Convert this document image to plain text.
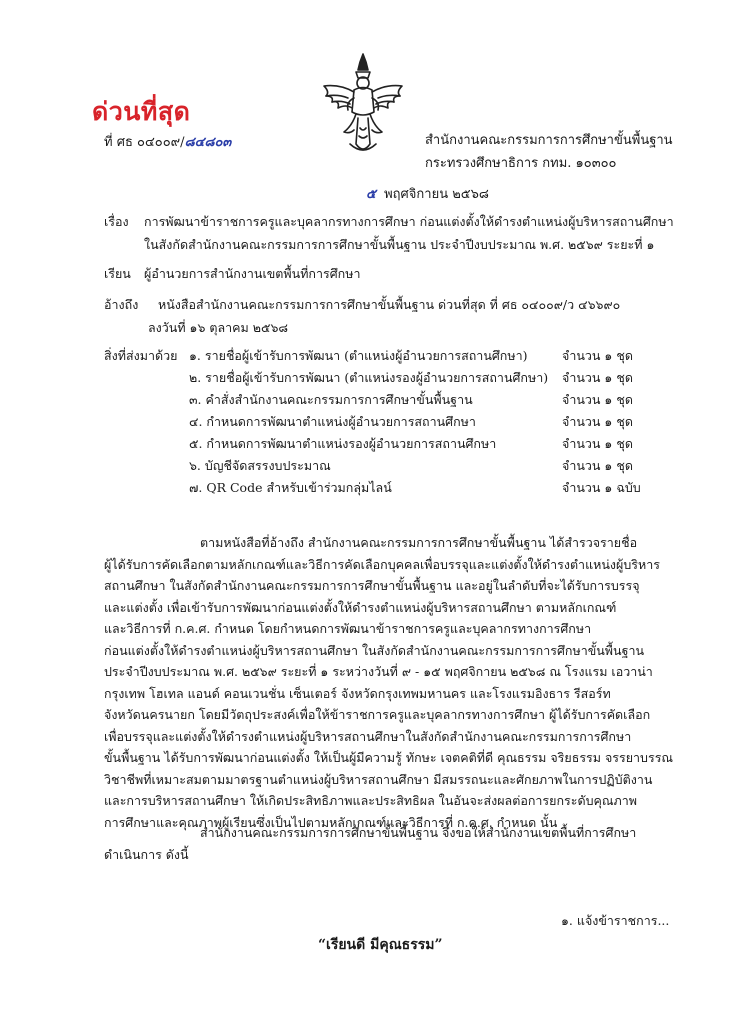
ด่วนที่สุด
ที่ ศธ ๐๔๐๐๙/๘๔๘๐๓	สำนักงานคณะกรรมการการศึกษาขั้นพื้นฐาน
กระทรวงศึกษาธิการ กทม. ๑๐๓๐๐
๕ พฤศจิกายน ๒๕๖๘
เรื่อง การพัฒนาข้าราชการครูและบุคลากรทางการศึกษา ก่อนแต่งตั้งให้ดำรงตำแหน่งผู้บริหารสถานศึกษา
ในสังกัดสำนักงานคณะกรรมการการศึกษาขั้นพื้นฐาน ประจำปีงบประมาณ พ.ศ. ๒๕๖๙ ระยะที่ ๑
เรียน ผู้อำนวยการสำนักงานเขตพื้นที่การศึกษา
อ้างถึง หนังสือสำนักงานคณะกรรมการการศึกษาขั้นพื้นฐาน ด่วนที่สุด ที่ ศธ ๐๔๐๐๙/ว ๔๖๖๙๐
ลงวันที่ ๑๖ ตุลาคม ๒๕๖๘
สิ่งที่ส่งมาด้วย ๑. รายชื่อผู้เข้ารับการพัฒนา (ตำแหน่งผู้อำนวยการสถานศึกษา)	จำนวน ๑ ชุด
๒. รายชื่อผู้เข้ารับการพัฒนา (ตำแหน่งรองผู้อำนวยการสถานศึกษา) จำนวน ๑ ชุด
๓. คำสั่งสำนักงานคณะกรรมการการศึกษาขั้นพื้นฐาน	จำนวน ๑ ชุด
๔. กำหนดการพัฒนาตำแหน่งผู้อำนวยการสถานศึกษา	จำนวน ๑ ชุด
๕. กำหนดการพัฒนาตำแหน่งรองผู้อำนวยการสถานศึกษา	จำนวน ๑ ชุด
๖. บัญชีจัดสรรงบประมาณ	จำนวน ๑ ชุด
๗. QR Code สำหรับเข้าร่วมกลุ่มไลน์	จำนวน ๑ ฉบับ
ตามหนังสือที่อ้างถึง สำนักงานคณะกรรมการการศึกษาขั้นพื้นฐาน ได้สำรวจรายชื่อ
ผู้ได้รับการคัดเลือกตามหลักเกณฑ์และวิธีการคัดเลือกบุคคลเพื่อบรรจุและแต่งตั้งให้ดำรงตำแหน่งผู้บริหาร
สถานศึกษา ในสังกัดสำนักงานคณะกรรมการการศึกษาขั้นพื้นฐาน และอยู่ในลำดับที่จะได้รับการบรรจุ
และแต่งตั้ง เพื่อเข้ารับการพัฒนาก่อนแต่งตั้งให้ดำรงตำแหน่งผู้บริหารสถานศึกษา ตามหลักเกณฑ์
และวิธีการที่ ก.ค.ศ. กำหนด โดยกำหนดการพัฒนาข้าราชการครูและบุคลากรทางการศึกษา
ก่อนแต่งตั้งให้ดำรงตำแหน่งผู้บริหารสถานศึกษา ในสังกัดสำนักงานคณะกรรมการการศึกษาขั้นพื้นฐาน
ประจำปีงบประมาณ พ.ศ. ๒๕๖๙ ระยะที่ ๑ ระหว่างวันที่ ๙ - ๑๕ พฤศจิกายน ๒๕๖๘ ณ โรงแรม เอวาน่า
กรุงเทพ โฮเทล แอนด์ คอนเวนชั่น เซ็นเตอร์ จังหวัดกรุงเทพมหานคร และโรงแรมอิงธาร รีสอร์ท
จังหวัดนครนายก โดยมีวัตถุประสงค์เพื่อให้ข้าราชการครูและบุคลากรทางการศึกษา ผู้ได้รับการคัดเลือก
เพื่อบรรจุและแต่งตั้งให้ดำรงตำแหน่งผู้บริหารสถานศึกษาในสังกัดสำนักงานคณะกรรมการการศึกษา
ขั้นพื้นฐาน ได้รับการพัฒนาก่อนแต่งตั้ง ให้เป็นผู้มีความรู้ ทักษะ เจตคติที่ดี คุณธรรม จริยธรรม จรรยาบรรณ
วิชาชีพที่เหมาะสมตามมาตรฐานตำแหน่งผู้บริหารสถานศึกษา มีสมรรถนะและศักยภาพในการปฏิบัติงาน
และการบริหารสถานศึกษา ให้เกิดประสิทธิภาพและประสิทธิผล ในอันจะส่งผลต่อการยกระดับคุณภาพ
การศึกษาและคุณภาพผู้เรียนซึ่งเป็นไปตามหลักเกณฑ์และวิธีการที่ ก.ค.ศ. กำหนด นั้น
สำนักงานคณะกรรมการการศึกษาขั้นพื้นฐาน จึงขอให้สำนักงานเขตพื้นที่การศึกษา
ดำเนินการ ดังนี้
๑. แจ้งข้าราชการ...
“เรียนดี มีคุณธรรม”
